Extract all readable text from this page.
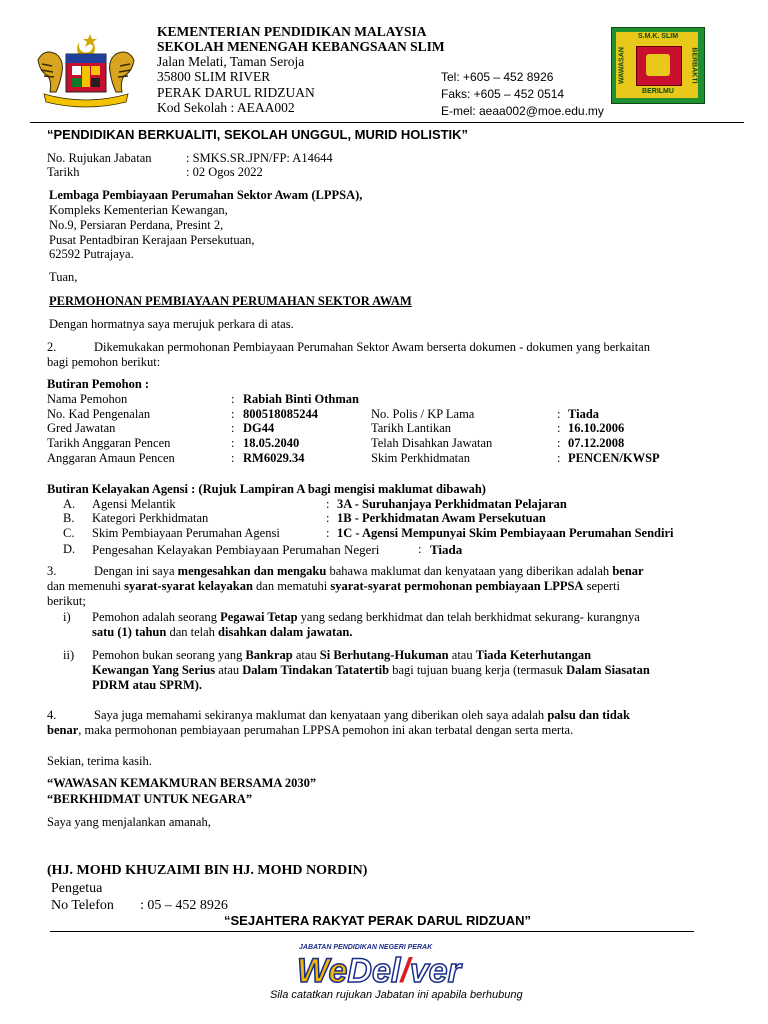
KEMENTERIAN PENDIDIKAN MALAYSIA
SEKOLAH MENENGAH KEBANGSAAN SLIM
Jalan Melati, Taman Seroja
35800 SLIM RIVER
PERAK DARUL RIDZUAN
Kod Sekolah : AEAA002
Tel: +605 – 452 8926
Faks: +605 – 452 0514
E-mel: aeaa002@moe.edu.my
S.M.K. SLIM
WAWASAN	BERBAKTI
BERILMU
“PENDIDIKAN BERKUALITI, SEKOLAH UNGGUL, MURID HOLISTIK”
No. Rujukan Jabatan	: SMKS.SR.JPN/FP: A14644
Tarikh	: 02 Ogos 2022
Lembaga Pembiayaan Perumahan Sektor Awam (LPPSA),
Kompleks Kementerian Kewangan,
No.9, Persiaran Perdana, Presint 2,
Pusat Pentadbiran Kerajaan Persekutuan,
62592 Putrajaya.
Tuan,
PERMOHONAN PEMBIAYAAN PERUMAHAN SEKTOR AWAM
Dengan hormatnya saya merujuk perkara di atas.
2.	Dikemukakan permohonan Pembiayaan Perumahan Sektor Awam berserta dokumen - dokumen yang berkaitan
bagi pemohon berikut:
Butiran Pemohon :
Nama Pemohon	: Rabiah Binti Othman
No. Kad Pengenalan	: 800518085244	No. Polis / KP Lama	: Tiada
Gred Jawatan	: DG44	Tarikh Lantikan	: 16.10.2006
Tarikh Anggaran Pencen	: 18.05.2040	Telah Disahkan Jawatan	: 07.12.2008
Anggaran Amaun Pencen	: RM6029.34	Skim Perkhidmatan	: PENCEN/KWSP
Butiran Kelayakan Agensi : (Rujuk Lampiran A bagi mengisi maklumat dibawah)
A. Agensi Melantik	: 3A - Suruhanjaya Perkhidmatan Pelajaran
B. Kategori Perkhidmatan	: 1B - Perkhidmatan Awam Persekutuan
C. Skim Pembiayaan Perumahan Agensi	: 1C - Agensi Mempunyai Skim Pembiayaan Perumahan Sendiri
D. Pengesahan Kelayakan Pembiayaan Perumahan Negeri	: Tiada
3.	Dengan ini saya mengesahkan dan mengaku bahawa maklumat dan kenyataan yang diberikan adalah benar
dan memenuhi syarat-syarat kelayakan dan mematuhi syarat-syarat permohonan pembiayaan LPPSA seperti
berikut;
i) Pemohon adalah seorang Pegawai Tetap yang sedang berkhidmat dan telah berkhidmat sekurang- kurangnya
satu (1) tahun dan telah disahkan dalam jawatan.
ii) Pemohon bukan seorang yang Bankrap atau Si Berhutang-Hukuman atau Tiada Keterhutangan
Kewangan Yang Serius atau Dalam Tindakan Tatatertib bagi tujuan buang kerja (termasuk Dalam Siasatan
PDRM atau SPRM).
4.	Saya juga memahami sekiranya maklumat dan kenyataan yang diberikan oleh saya adalah palsu dan tidak
benar, maka permohonan pembiayaan perumahan LPPSA pemohon ini akan terbatal dengan serta merta.
Sekian, terima kasih.
“WAWASAN KEMAKMURAN BERSAMA 2030”
“BERKHIDMAT UNTUK NEGARA”
Saya yang menjalankan amanah,
(HJ. MOHD KHUZAIMI BIN HJ. MOHD NORDIN)
Pengetua
No Telefon : 05 – 452 8926
“SEJAHTERA RAKYAT PERAK DARUL RIDZUAN”
JABATAN PENDIDIKAN NEGERI PERAK
WeDel/ver
Sila catatkan rujukan Jabatan ini apabila berhubung
